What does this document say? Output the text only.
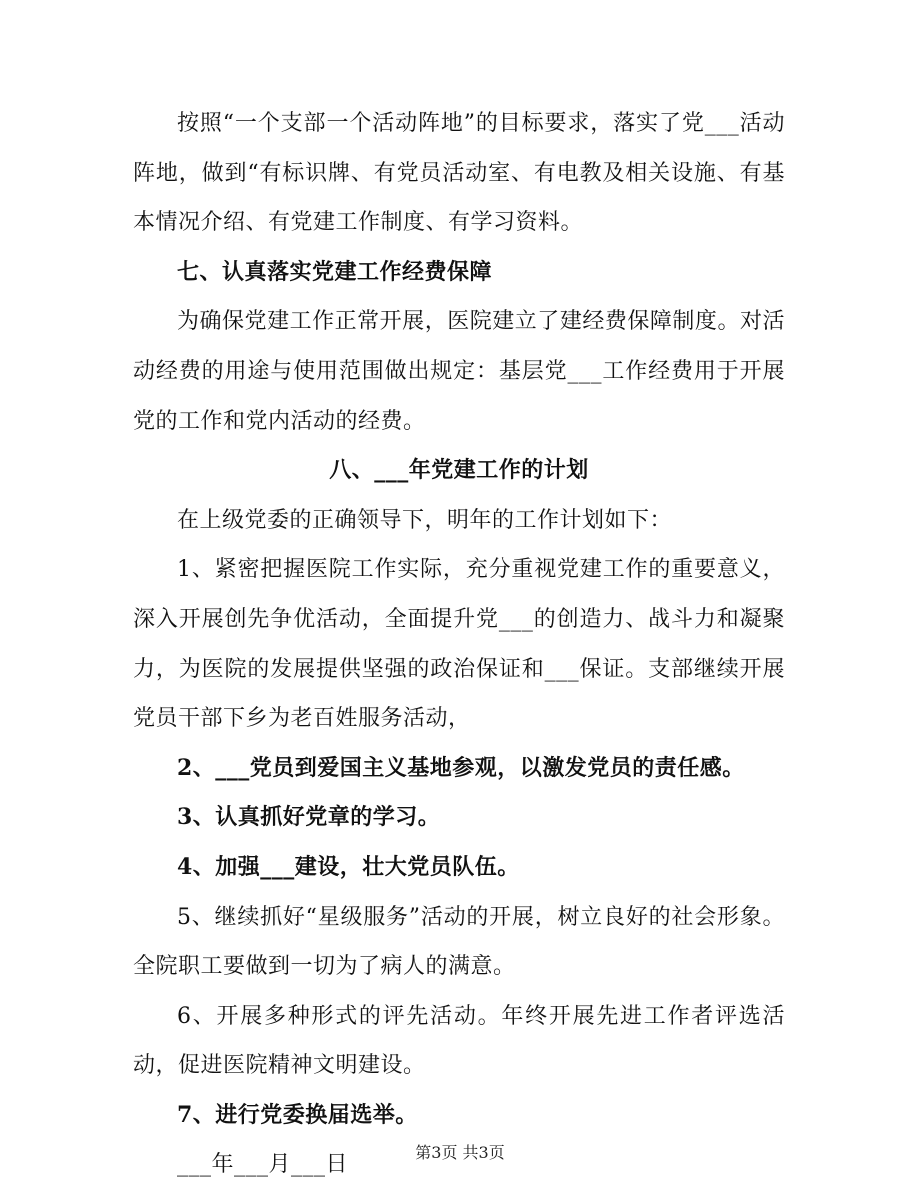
按照“一个支部一个活动阵地”的目标要求，落实了党___活动阵地，做到“有标识牌、有党员活动室、有电教及相关设施、有基本情况介绍、有党建工作制度、有学习资料。

七、认真落实党建工作经费保障

为确保党建工作正常开展，医院建立了建经费保障制度。对活动经费的用途与使用范围做出规定：基层党___工作经费用于开展党的工作和党内活动的经费。

八、___年党建工作的计划

在上级党委的正确领导下，明年的工作计划如下：

1、紧密把握医院工作实际，充分重视党建工作的重要意义，深入开展创先争优活动，全面提升党___的创造力、战斗力和凝聚力，为医院的发展提供坚强的政治保证和___保证。支部继续开展党员干部下乡为老百姓服务活动，

2、___党员到爱国主义基地参观，以激发党员的责任感。

3、认真抓好党章的学习。

4、加强___建设，壮大党员队伍。

5、继续抓好“星级服务”活动的开展，树立良好的社会形象。全院职工要做到一切为了病人的满意。

6、开展多种形式的评先活动。年终开展先进工作者评选活动，促进医院精神文明建设。

7、进行党委换届选举。

___年___月___日	第3页 共3页
